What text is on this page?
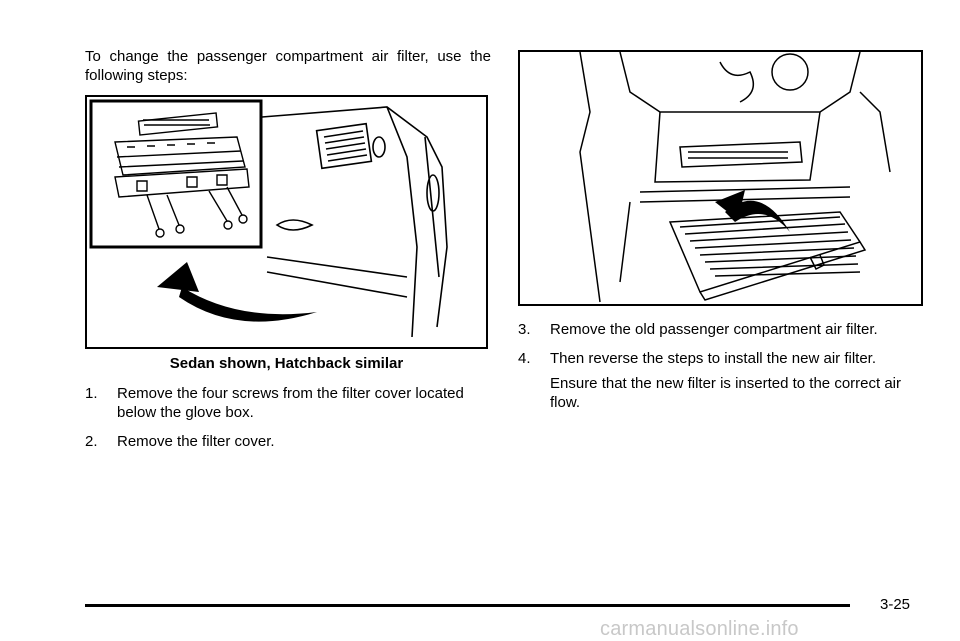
To change the passenger compartment air filter, use the following steps:
Sedan shown, Hatchback similar
1.	Remove the four screws from the filter cover located below the glove box.
2.	Remove the filter cover.
3.	Remove the old passenger compartment air filter.
4.	Then reverse the steps to install the new air filter.
Ensure that the new filter is inserted to the correct air flow.
3-25
carmanualsonline.info
